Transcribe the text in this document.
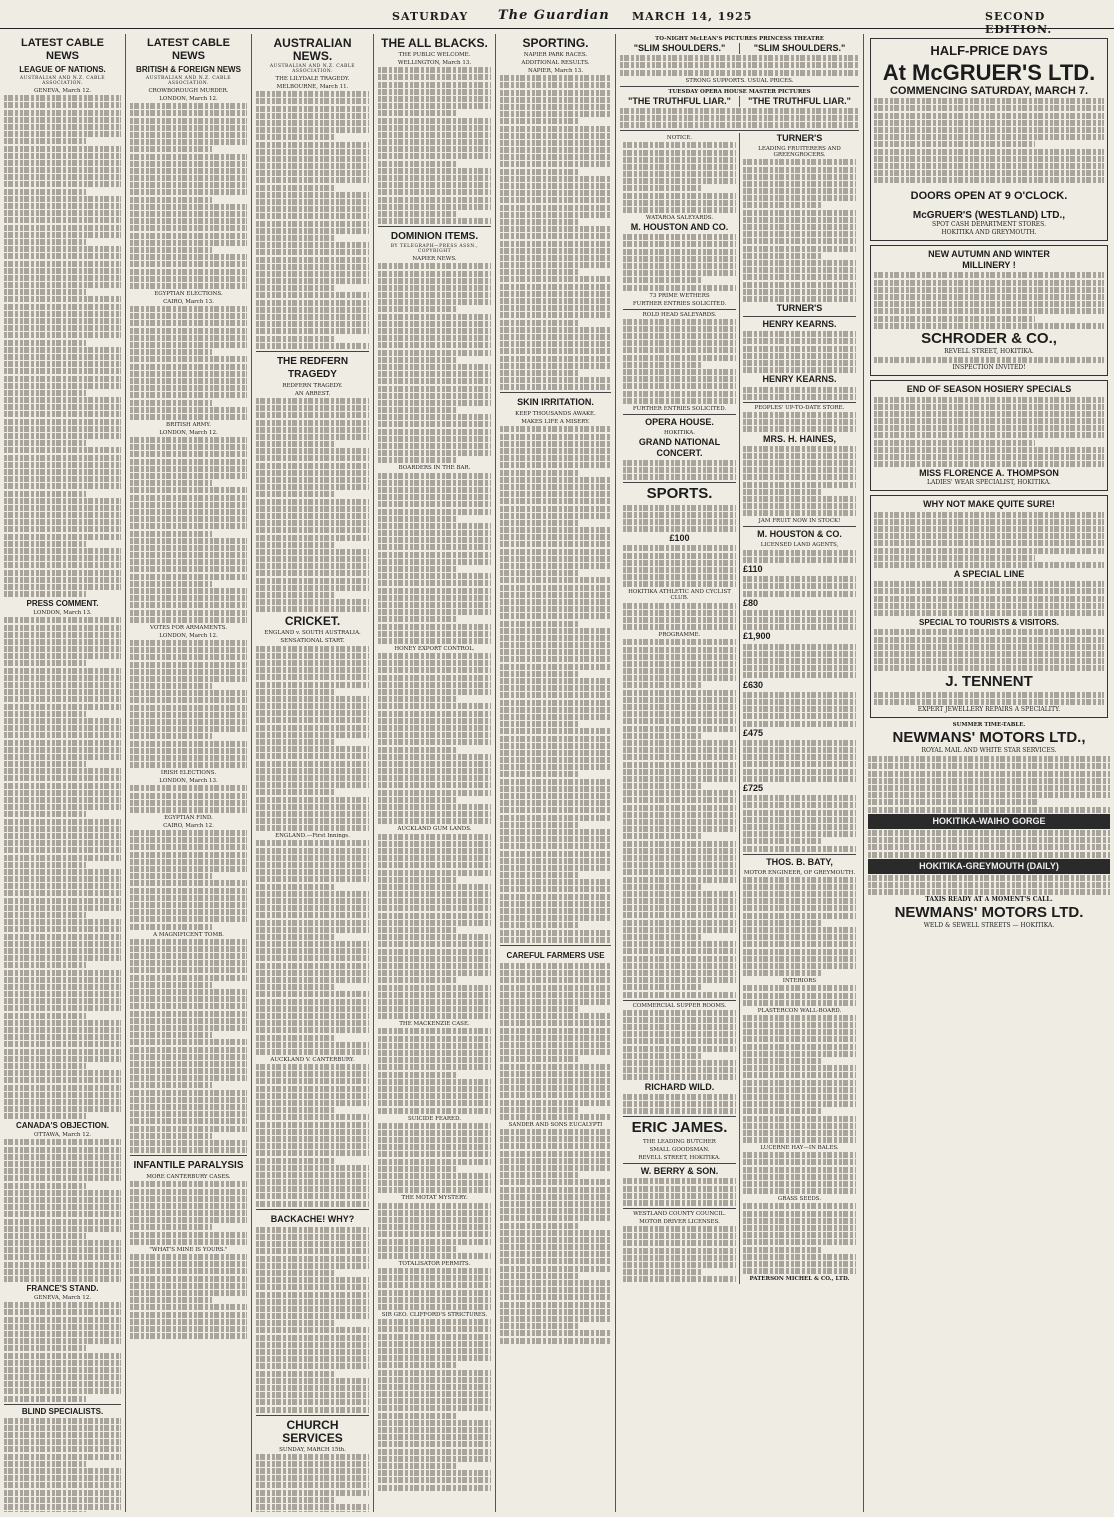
SATURDAY The Guardian MARCH 14, 1925	SECOND EDITION.
LATEST CABLE NEWS
LEAGUE OF NATIONS.
AUSTRALIAN AND N.Z. CABLE ASSOCIATION.
GENEVA, March 12.
PRESS COMMENT.
LONDON, March 13.
CANADA'S OBJECTION.
OTTAWA, March 12.
FRANCE'S STAND.
GENEVA, March 12.
BLIND SPECIALISTS.
LATEST CABLE NEWS
BRITISH & FOREIGN NEWS
AUSTRALIAN AND N.Z. CABLE ASSOCIATION.
CROWBOROUGH MURDER.
LONDON, March 12.
EGYPTIAN ELECTIONS.
CAIRO, March 13.
BRITISH ARMY.
LONDON, March 12.
VOTES FOR ARMAMENTS.
LONDON, March 12.
IRISH ELECTIONS.
LONDON, March 13.
EGYPTIAN FIND.
CAIRO, March 12.
A MAGNIFICENT TOMB.
INFANTILE PARALYSIS
MORE CANTERBURY CASES.
"WHAT'S MINE IS YOURS."
AUSTRALIAN NEWS.
AUSTRALIAN AND N.Z. CABLE ASSOCIATION.
THE LILYDALE TRAGEDY.
MELBOURNE, March 11.
THE REDFERN TRAGEDY
REDFERN TRAGEDY.
AN ARREST.
CRICKET.
ENGLAND v. SOUTH AUSTRALIA.
SENSATIONAL START.
ENGLAND.—First Innings.
AUCKLAND V. CANTERBURY.
BACKACHE! WHY?
CHURCH SERVICES
SUNDAY, MARCH 15th.
THE ALL BLACKS.
THE PUBLIC WELCOME.
WELLINGTON, March 13.
DOMINION ITEMS.
BY TELEGRAPH—PRESS ASSN., COPYRIGHT
NAPIER NEWS.
BOARDERS IN THE BAR.
HONEY EXPORT CONTROL.
AUCKLAND GUM LANDS.
THE MACKENZIE CASE.
SUICIDE FEARED.
THE MOTAT MYSTERY.
TOTALISATOR PERMITS.
SIR GEO. CLIFFORD'S STRICTURES.
SPORTING.
NAPIER PARK RACES.
ADDITIONAL RESULTS.
NAPIER, March 13.
SKIN IRRITATION.
KEEP THOUSANDS AWAKE.
MAKES LIFE A MISERY.
CAREFUL FARMERS USE
SANDER AND SONS EUCALYPTI
TO-NIGHT McLEAN'S PICTURES PRINCESS THEATRE
"SLIM SHOULDERS."	"SLIM SHOULDERS."
STRONG SUPPORTS. USUAL PRICES.
TUESDAY OPERA HOUSE MASTER PICTURES
"THE TRUTHFUL LIAR."	"THE TRUTHFUL LIAR."
NOTICE.
WATAROA SALEYARDS.
M. HOUSTON AND CO.
73 PRIME WETHERS
FURTHER ENTRIES SOLICITED.
ROLD HEAD SALEYARDS.
FURTHER ENTRIES SOLICITED.
OPERA HOUSE.
HOKITIKA.
GRAND NATIONAL CONCERT.
SPORTS.
£100
HOKITIKA ATHLETIC AND CYCLIST CLUB.
PROGRAMME.
COMMERCIAL SUPPER ROOMS.
RICHARD WILD.
ERIC JAMES.
THE LEADING BUTCHER
SMALL GOODSMAN.
REVELL STREET, HOKITIKA.
W. BERRY & SON.
WESTLAND COUNTY COUNCIL.
MOTOR DRIVER LICENSES.
TURNER'S
LEADING FRUITERERS AND GREENGROCERS.
TURNER'S
HENRY KEARNS.
HENRY KEARNS.
PEOPLES' UP-TO-DATE STORE.
MRS. H. HAINES,
JAM FRUIT NOW IN STOCK!
M. HOUSTON & CO.
LICENSED LAND AGENTS,
£110
£80
£1,900
£630
£475
£725
THOS. B. BATY,
MOTOR ENGINEER, OF GREYMOUTH.
INTERIORS
PLASTERCON WALL-BOARD.
LUCERNE HAY—IN BALES.
GRASS SEEDS.
PATERSON MICHEL & CO., LTD.
HALF-PRICE DAYS
At McGRUER'S LTD.
COMMENCING SATURDAY, MARCH 7.
DOORS OPEN AT 9 O'CLOCK.
McGRUER'S (WESTLAND) LTD.,
SPOT CASH DEPARTMENT STORES.
HOKITIKA AND GREYMOUTH.
NEW AUTUMN AND WINTER
MILLINERY !
SCHRODER & CO.,
REVELL STREET, HOKITIKA.
INSPECTION INVITED!
END OF SEASON HOSIERY SPECIALS
MISS FLORENCE A. THOMPSON
LADIES' WEAR SPECIALIST, HOKITIKA.
WHY NOT MAKE QUITE SURE!
A SPECIAL LINE
SPECIAL TO TOURISTS & VISITORS.
J. TENNENT
EXPERT JEWELLERY REPAIRS A SPECIALITY.
SUMMER TIME-TABLE.
NEWMANS' MOTORS LTD.,
ROYAL MAIL AND WHITE STAR SERVICES.
HOKITIKA-WAIHO GORGE
HOKITIKA-GREYMOUTH (DAILY)
TAXIS READY AT A MOMENT'S CALL.
NEWMANS' MOTORS LTD.
WELD & SEWELL STREETS — HOKITIKA.
